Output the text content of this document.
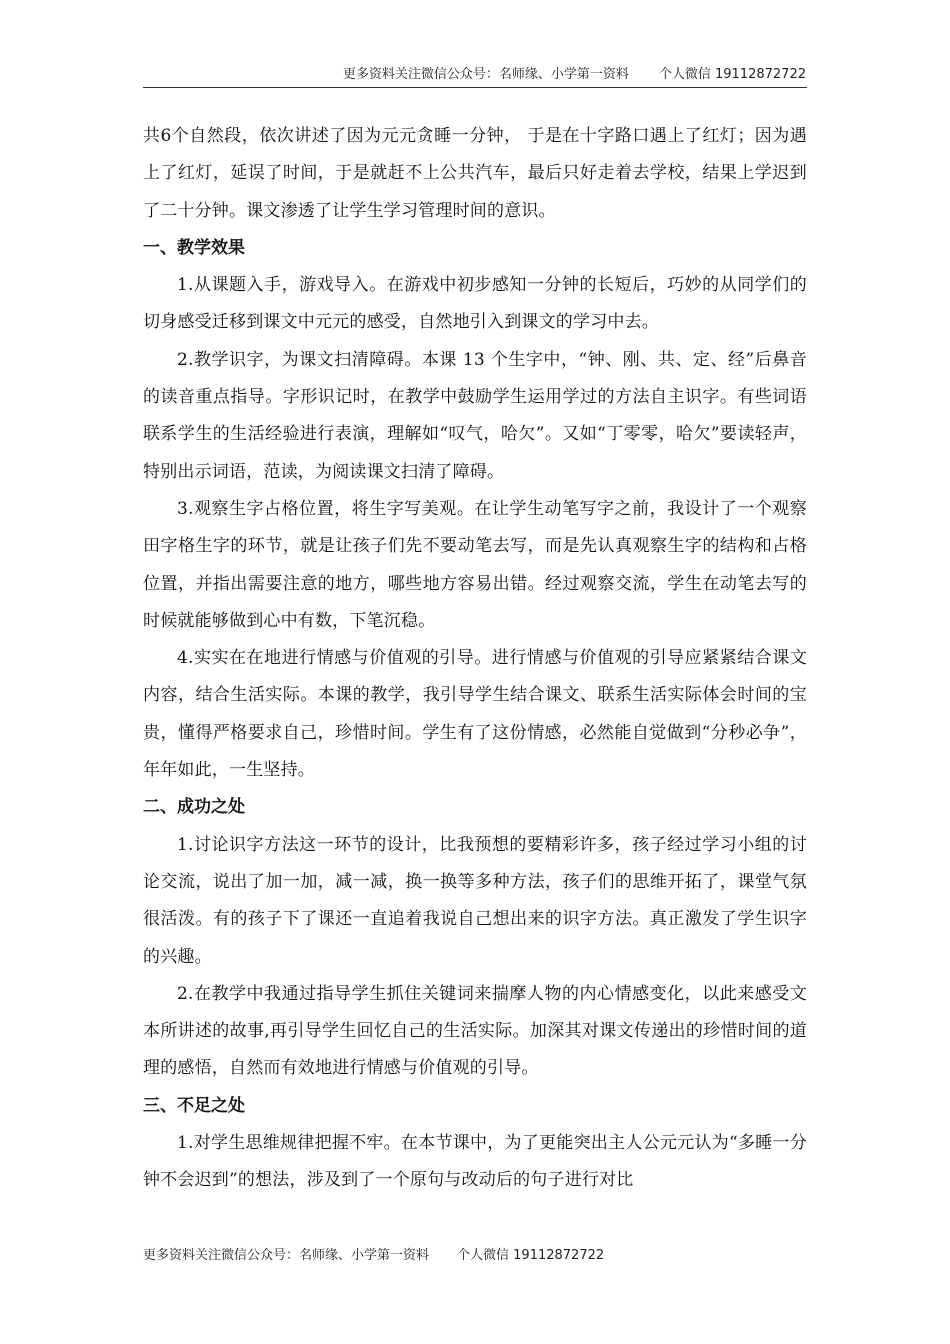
更多资料关注微信公众号：名师缘、小学第一资料 个人微信 19112872722

共6个自然段，依次讲述了因为元元贪睡一分钟， 于是在十字路口遇上了红灯；因为遇上了红灯，延误了时间，于是就赶不上公共汽车，最后只好走着去学校，结果上学迟到了二十分钟。课文渗透了让学生学习管理时间的意识。

一、教学效果

1.从课题入手，游戏导入。在游戏中初步感知一分钟的长短后，巧妙的从同学们的切身感受迁移到课文中元元的感受，自然地引入到课文的学习中去。

2.教学识字，为课文扫清障碍。本课 13 个生字中，“钟、刚、共、定、经”后鼻音的读音重点指导。字形识记时，在教学中鼓励学生运用学过的方法自主识字。有些词语联系学生的生活经验进行表演，理解如“叹气，哈欠”。又如“丁零零，哈欠”要读轻声，特别出示词语，范读，为阅读课文扫清了障碍。

3.观察生字占格位置，将生字写美观。在让学生动笔写字之前，我设计了一个观察田字格生字的环节，就是让孩子们先不要动笔去写，而是先认真观察生字的结构和占格位置，并指出需要注意的地方，哪些地方容易出错。经过观察交流，学生在动笔去写的时候就能够做到心中有数，下笔沉稳。

4.实实在在地进行情感与价值观的引导。进行情感与价值观的引导应紧紧结合课文内容，结合生活实际。本课的教学，我引导学生结合课文、联系生活实际体会时间的宝贵，懂得严格要求自己，珍惜时间。学生有了这份情感，必然能自觉做到“分秒必争”，年年如此，一生坚持。

二、成功之处

1.讨论识字方法这一环节的设计，比我预想的要精彩许多，孩子经过学习小组的讨论交流，说出了加一加，减一减，换一换等多种方法，孩子们的思维开拓了，课堂气氛很活泼。有的孩子下了课还一直追着我说自己想出来的识字方法。真正激发了学生识字的兴趣。

2.在教学中我通过指导学生抓住关键词来揣摩人物的内心情感变化，以此来感受文本所讲述的故事,再引导学生回忆自己的生活实际。加深其对课文传递出的珍惜时间的道理的感悟，自然而有效地进行情感与价值观的引导。

三、不足之处

1.对学生思维规律把握不牢。在本节课中，为了更能突出主人公元元认为“多睡一分钟不会迟到”的想法，涉及到了一个原句与改动后的句子进行对比

更多资料关注微信公众号：名师缘、小学第一资料 个人微信 19112872722
